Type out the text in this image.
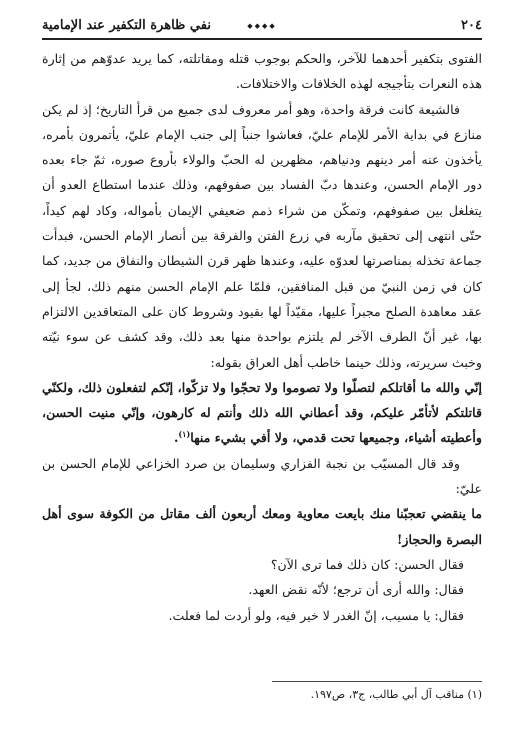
٢٠٤
◆◆◆◆
نفي ظاهرة التكفير عند الإمامية

الفتوى بتكفير أحدهما للآخر، والحكم بوجوب قتله ومقاتلته، كما يريد عدوّهم من إثارة هذه النعرات بتأجيجه لهذه الخلافات والاختلافات.

فالشيعة كانت فرقة واحدة، وهو أمر معروف لدى جميع من قرأ التاريخ؛ إذ لم يكن منازع في بداية الأمر للإمام عليّ، فعاشوا جنباً إلى جنب الإمام عليّ، يأتمرون بأمره، يأخذون عنه أمر دينهم ودنياهم، مظهرين له الحبّ والولاء بأروع صوره، ثمّ جاء بعده دور الإمام الحسن، وعندها دبّ الفساد بين صفوفهم، وذلك عندما استطاع العدو أن يتغلغل بين صفوفهم، وتمكّن من شراء ذمم ضعيفي الإيمان بأمواله، وكاد لهم كيداً، حتّى انتهى إلى تحقيق مآربه في زرع الفتن والفرقة بين أنصار الإمام الحسن، فبدأت جماعة تخذله بمناصرتها لعدوّه عليه، وعندها ظهر قرن الشيطان والنفاق من جديد، كما كان في زمن النبيّ من قبل المنافقين، فلمّا علم الإمام الحسن منهم ذلك، لجأ إلى عقد معاهدة الصلح مجبراً عليها، مقيّداً لها بقيود وشروط كان على المتعاقدين الالتزام بها، غير أنّ الطرف الآخر لم يلتزم بواحدة منها بعد ذلك، وقد كشف عن سوء نيّته وخبث سريرته، وذلك حينما خاطب أهل العراق بقوله:

إنّي والله ما أقاتلكم لتصلّوا ولا تصوموا ولا تحجّوا ولا تزكّوا، إنّكم لتفعلون ذلك، ولكنّي قاتلتكم لأتأمّر عليكم، وقد أعطاني الله ذلك وأنتم له كارهون، وإنّي منيت الحسن، وأعطيته أشياء، وجميعها تحت قدمي، ولا أفي بشيء منها$^{(١)}$.

وقد قال المسيّب بن نجبة الفزاري وسليمان بن صرد الخزاعي للإمام الحسن بن عليّ:

ما ينقضي تعجبّنا منك بايعت معاوية ومعك أربعون ألف مقاتل من الكوفة سوى أهل البصرة والحجاز!

فقال الحسن: كان ذلك فما ترى الآن؟

فقال: والله أرى أن ترجع؛ لأنّه نقض العهد.

فقال: يا مسيب، إنّ الغدر لا خير فيه، ولو أردت لما فعلت.

(١) مناقب آل أبي طالب، ج٣، ص١٩٧.
